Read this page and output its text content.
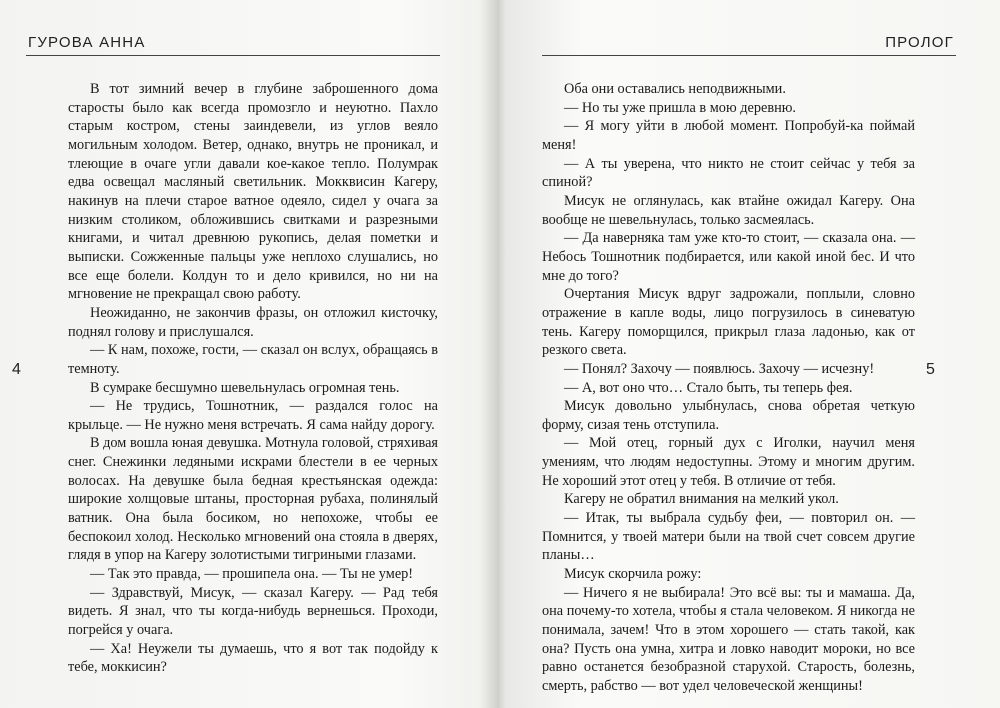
ГУРОВА АННА
4

В тот зимний вечер в глубине заброшенного дома старосты было как всегда промозгло и неуютно. Пахло старым костром, стены заиндевели, из углов веяло могильным холодом. Ветер, однако, внутрь не проникал, и тлеющие в очаге угли давали кое-какое тепло. Полумрак едва освещал масляный светильник. Мокквисин Кагеру, накинув на плечи старое ватное одеяло, сидел у очага за низким столиком, обложившись свитками и разрезными книгами, и читал древнюю рукопись, делая пометки и выписки. Сожженные пальцы уже неплохо слушались, но все еще болели. Колдун то и дело кривился, но ни на мгновение не прекращал свою работу.

Неожиданно, не закончив фразы, он отложил кисточку, поднял голову и прислушался.

— К нам, похоже, гости, — сказал он вслух, обращаясь в темноту.

В сумраке бесшумно шевельнулась огромная тень.

— Не трудись, Тошнотник, — раздался голос на крыльце. — Не нужно меня встречать. Я сама найду дорогу.

В дом вошла юная девушка. Мотнула головой, стряхивая снег. Снежинки ледяными искрами блестели в ее черных волосах. На девушке была бедная крестьянская одежда: широкие холщовые штаны, просторная рубаха, полинялый ватник. Она была босиком, но непохоже, чтобы ее беспокоил холод. Несколько мгновений она стояла в дверях, глядя в упор на Кагеру золотистыми тигриными глазами.

— Так это правда, — прошипела она. — Ты не умер!

— Здравствуй, Мисук, — сказал Кагеру. — Рад тебя видеть. Я знал, что ты когда-нибудь вернешься. Проходи, погрейся у очага.

— Ха! Неужели ты думаешь, что я вот так подойду к тебе, моккисин?

ПРОЛОГ
5

Оба они оставались неподвижными.

— Но ты уже пришла в мою деревню.

— Я могу уйти в любой момент. Попробуй-ка поймай меня!

— А ты уверена, что никто не стоит сейчас у тебя за спиной?

Мисук не оглянулась, как втайне ожидал Кагеру. Она вообще не шевельнулась, только засмеялась.

— Да наверняка там уже кто-то стоит, — сказала она. — Небось Тошнотник подбирается, или какой иной бес. И что мне до того?

Очертания Мисук вдруг задрожали, поплыли, словно отражение в капле воды, лицо погрузилось в синеватую тень. Кагеру поморщился, прикрыл глаза ладонью, как от резкого света.

— Понял? Захочу — появлюсь. Захочу — исчезну!

— А, вот оно что… Стало быть, ты теперь фея.

Мисук довольно улыбнулась, снова обретая четкую форму, сизая тень отступила.

— Мой отец, горный дух с Иголки, научил меня умениям, что людям недоступны. Этому и многим другим. Не хороший этот отец у тебя. В отличие от тебя.

Кагеру не обратил внимания на мелкий укол.

— Итак, ты выбрала судьбу феи, — повторил он. — Помнится, у твоей матери были на твой счет совсем другие планы…

Мисук скорчила рожу:

— Ничего я не выбирала! Это всё вы: ты и мамаша. Да, она почему-то хотела, чтобы я стала человеком. Я никогда не понимала, зачем! Что в этом хорошего — стать такой, как она? Пусть она умна, хитра и ловко наводит мороки, но все равно останется безобразной старухой. Старость, болезнь, смерть, рабство — вот удел человеческой женщины!
